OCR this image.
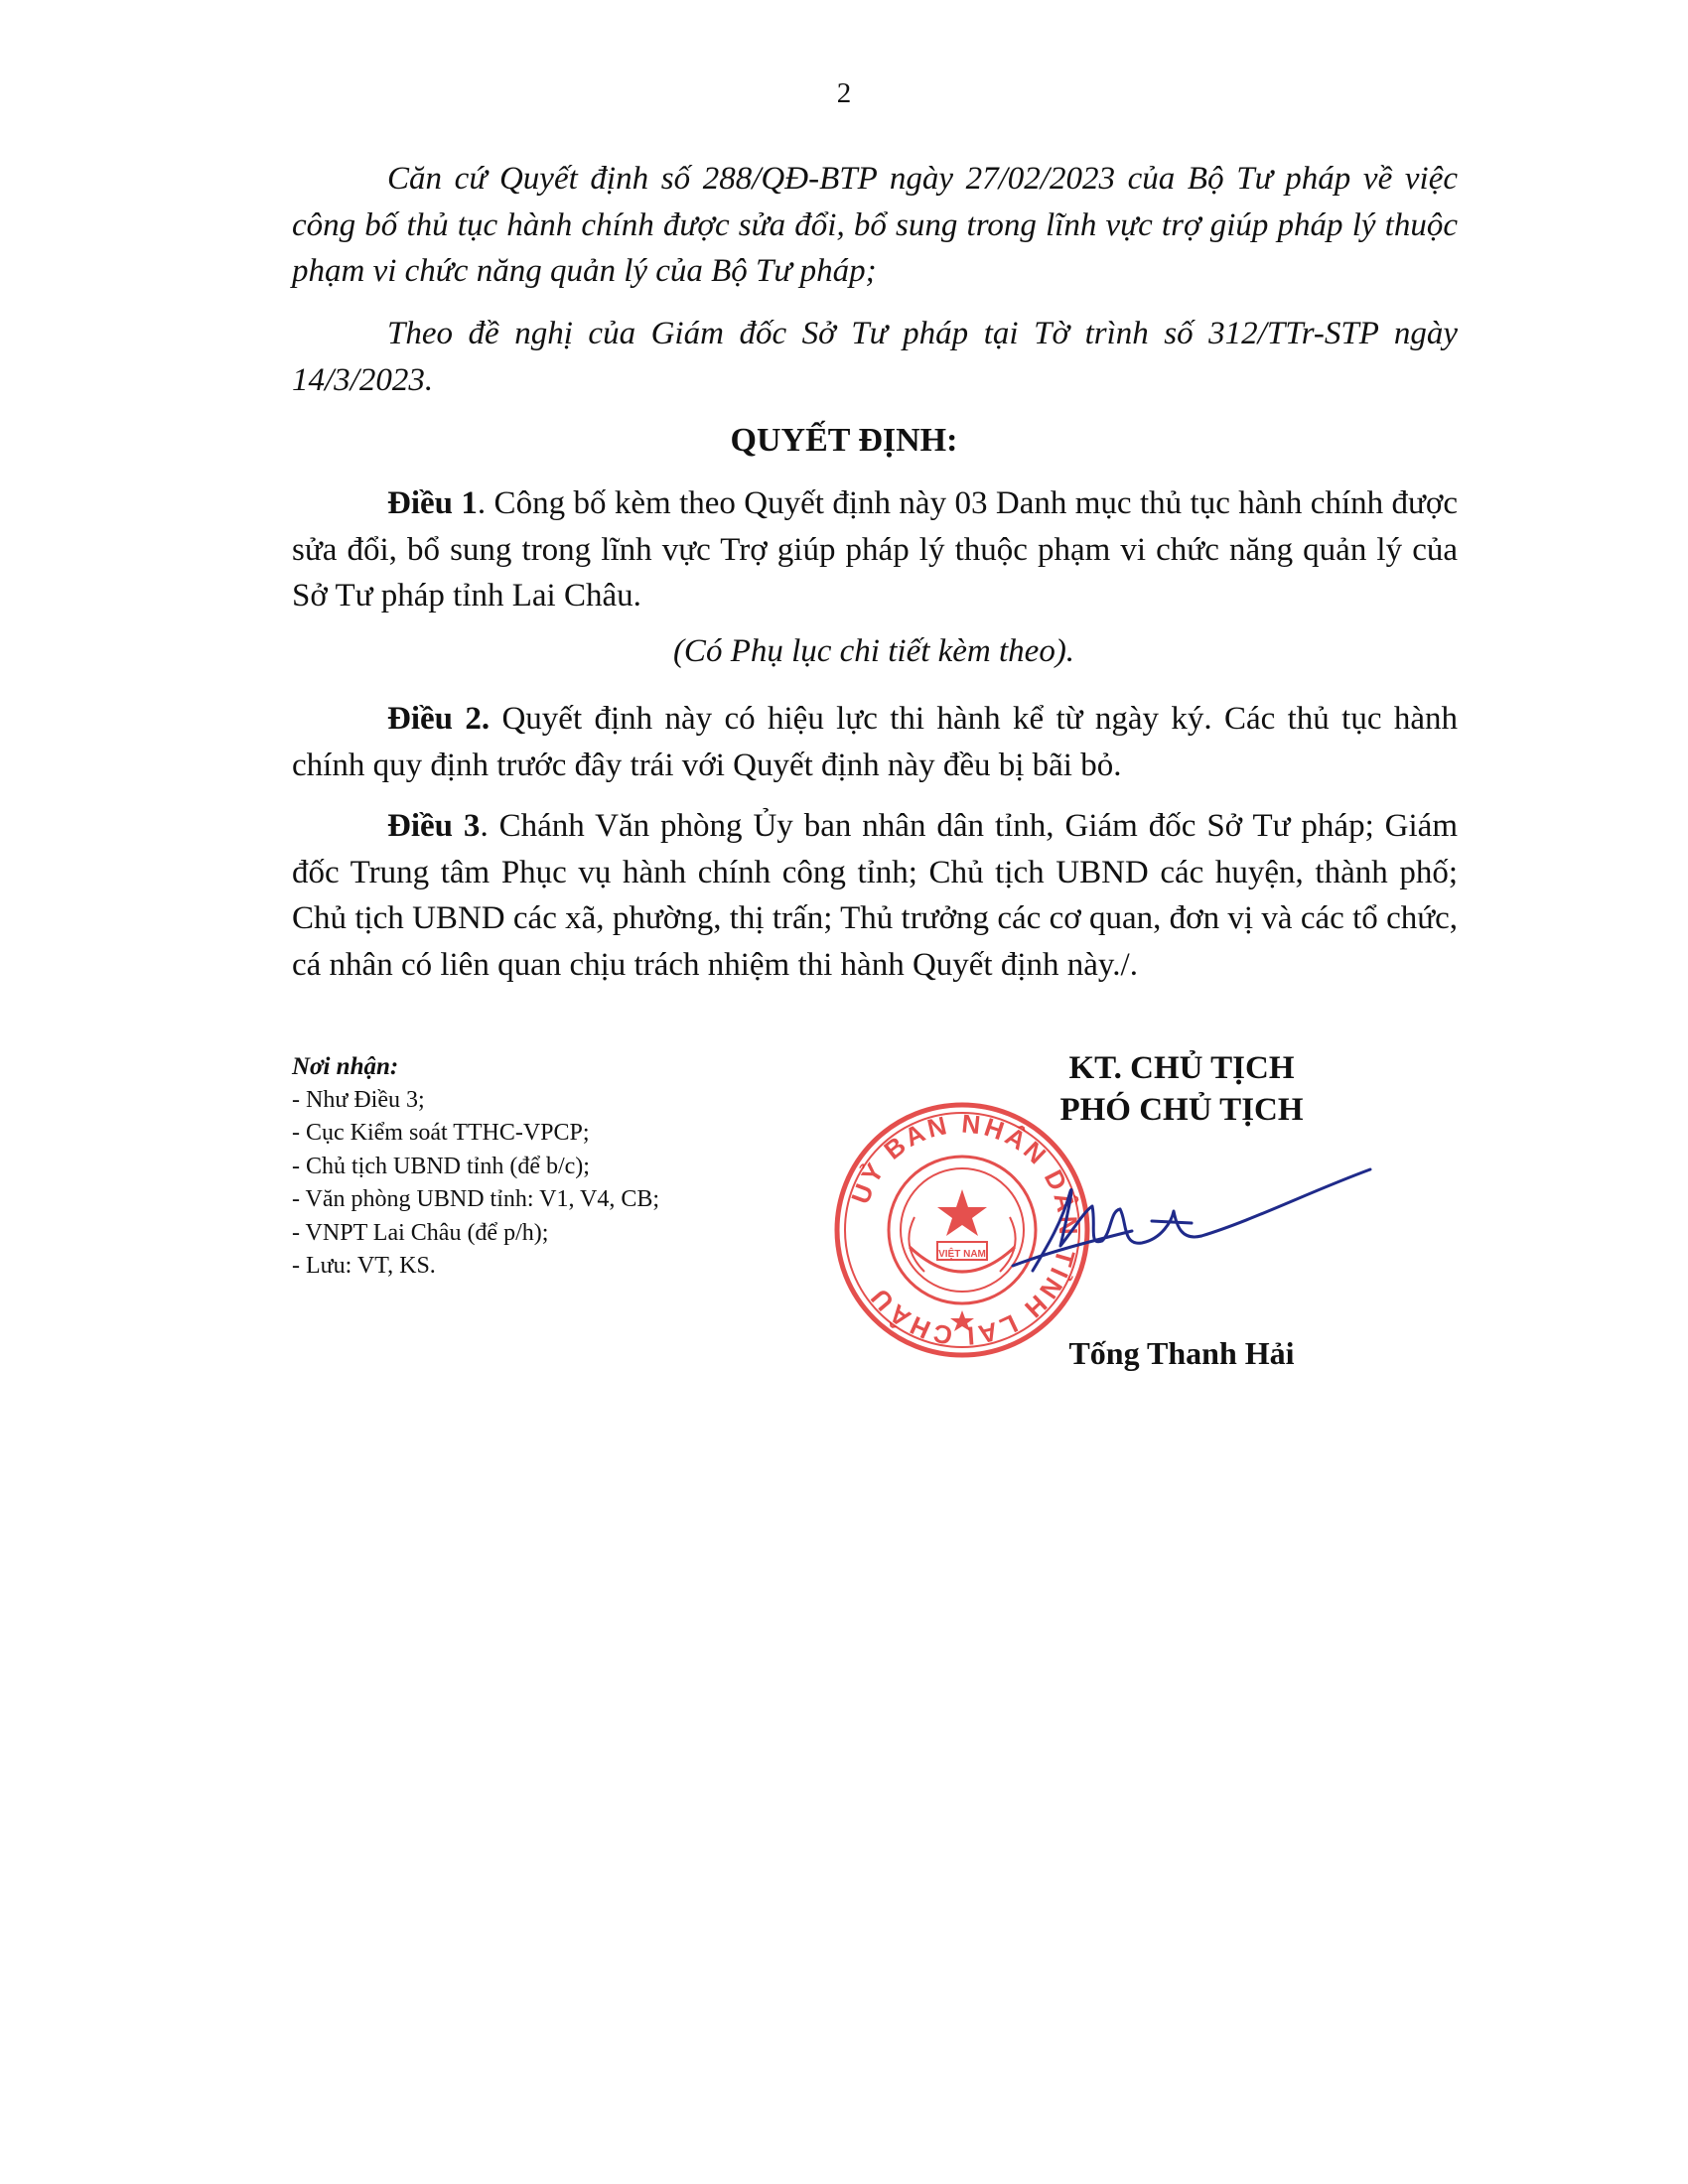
2

Căn cứ Quyết định số 288/QĐ-BTP ngày 27/02/2023 của Bộ Tư pháp về việc công bố thủ tục hành chính được sửa đổi, bổ sung trong lĩnh vực trợ giúp pháp lý thuộc phạm vi chức năng quản lý của Bộ Tư pháp;

Theo đề nghị của Giám đốc Sở Tư pháp tại Tờ trình số 312/TTr-STP ngày 14/3/2023.

QUYẾT ĐỊNH:

Điều 1. Công bố kèm theo Quyết định này 03 Danh mục thủ tục hành chính được sửa đổi, bổ sung trong lĩnh vực Trợ giúp pháp lý thuộc phạm vi chức năng quản lý của Sở Tư pháp tỉnh Lai Châu.

(Có Phụ lục chi tiết kèm theo).

Điều 2. Quyết định này có hiệu lực thi hành kể từ ngày ký. Các thủ tục hành chính quy định trước đây trái với Quyết định này đều bị bãi bỏ.

Điều 3. Chánh Văn phòng Ủy ban nhân dân tỉnh, Giám đốc Sở Tư pháp; Giám đốc Trung tâm Phục vụ hành chính công tỉnh; Chủ tịch UBND các huyện, thành phố; Chủ tịch UBND các xã, phường, thị trấn; Thủ trưởng các cơ quan, đơn vị và các tổ chức, cá nhân có liên quan chịu trách nhiệm thi hành Quyết định này./.

Nơi nhận:
- Như Điều 3;
- Cục Kiểm soát TTHC-VPCP;
- Chủ tịch UBND tỉnh (để b/c);
- Văn phòng UBND tỉnh: V1, V4, CB;
- VNPT Lai Châu (để p/h);
- Lưu: VT, KS.
KT. CHỦ TỊCH
PHÓ CHỦ TỊCH
VIỆT NAM
UỶ BAN NHÂN DÂN TỈNH LAI CHÂU
Tống Thanh Hải
